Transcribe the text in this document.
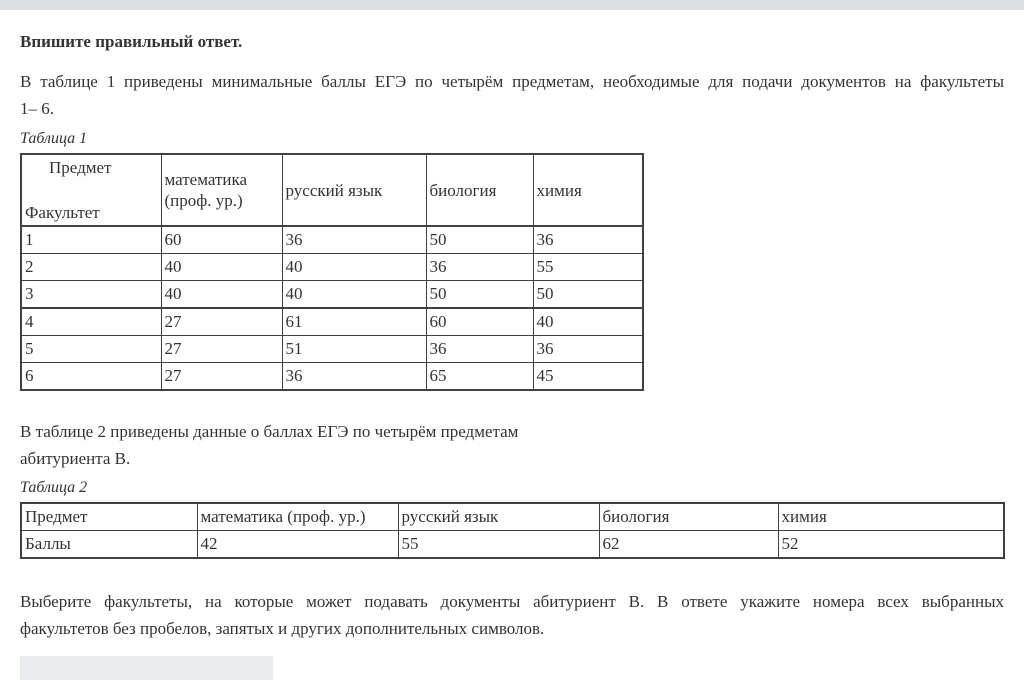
Впишите правильный ответ.
В таблице 1 приведены минимальные баллы ЕГЭ по четырём предметам, необходимые для подачи документов на факультеты
1– 6.
Таблица 1
Предмет
Факультет	математика (проф. ур.)	русский язык	биология	химия
1	60	36	50	36
2	40	40	36	55
3	40	40	50	50
4	27	61	60	40
5	27	51	36	36
6	27	36	65	45
В таблице 2 приведены данные о баллах ЕГЭ по четырём предметам
абитуриента В.
Таблица 2
Предмет	математика (проф. ур.)	русский язык	биология	химия
Баллы	42	55	62	52
Выберите факультеты, на которые может подавать документы абитуриент В. В ответе укажите номера всех выбранных
факультетов без пробелов, запятых и других дополнительных символов.
